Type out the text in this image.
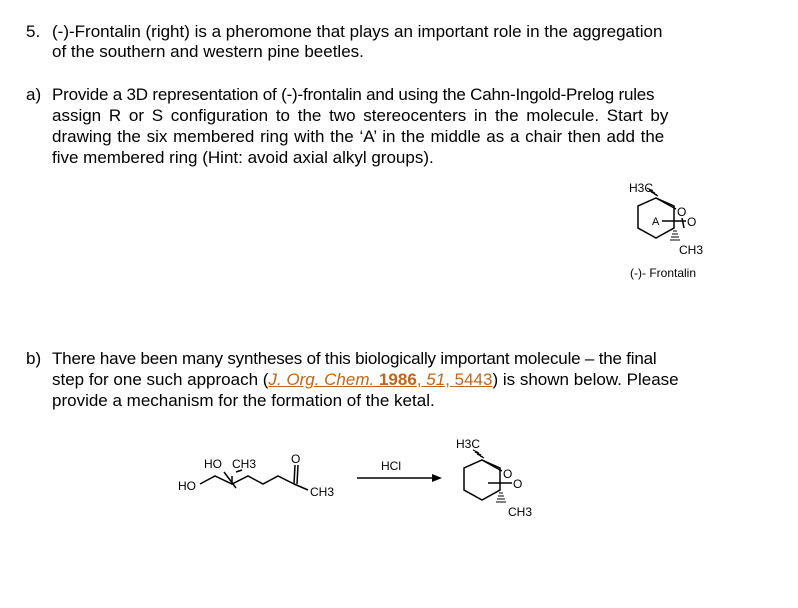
5. (-)-Frontalin (right) is a pheromone that plays an important role in the aggregation
of the southern and western pine beetles.
a) Provide a 3D representation of (-)-frontalin and using the Cahn-Ingold-Prelog rules
assign R or S configuration to the two stereocenters in the molecule. Start by
drawing the six membered ring with the ‘A’ in the middle as a chair then add the
five membered ring (Hint: avoid axial alkyl groups).
H3C
A
O
O
CH3
(-)- Frontalin
b) There have been many syntheses of this biologically important molecule – the final
step for one such approach (J. Org. Chem. 1986, 51, 5443) is shown below. Please
provide a mechanism for the formation of the ketal.
HO
HO CH3	O
CH3
HCl
H3C
O
O
CH3
